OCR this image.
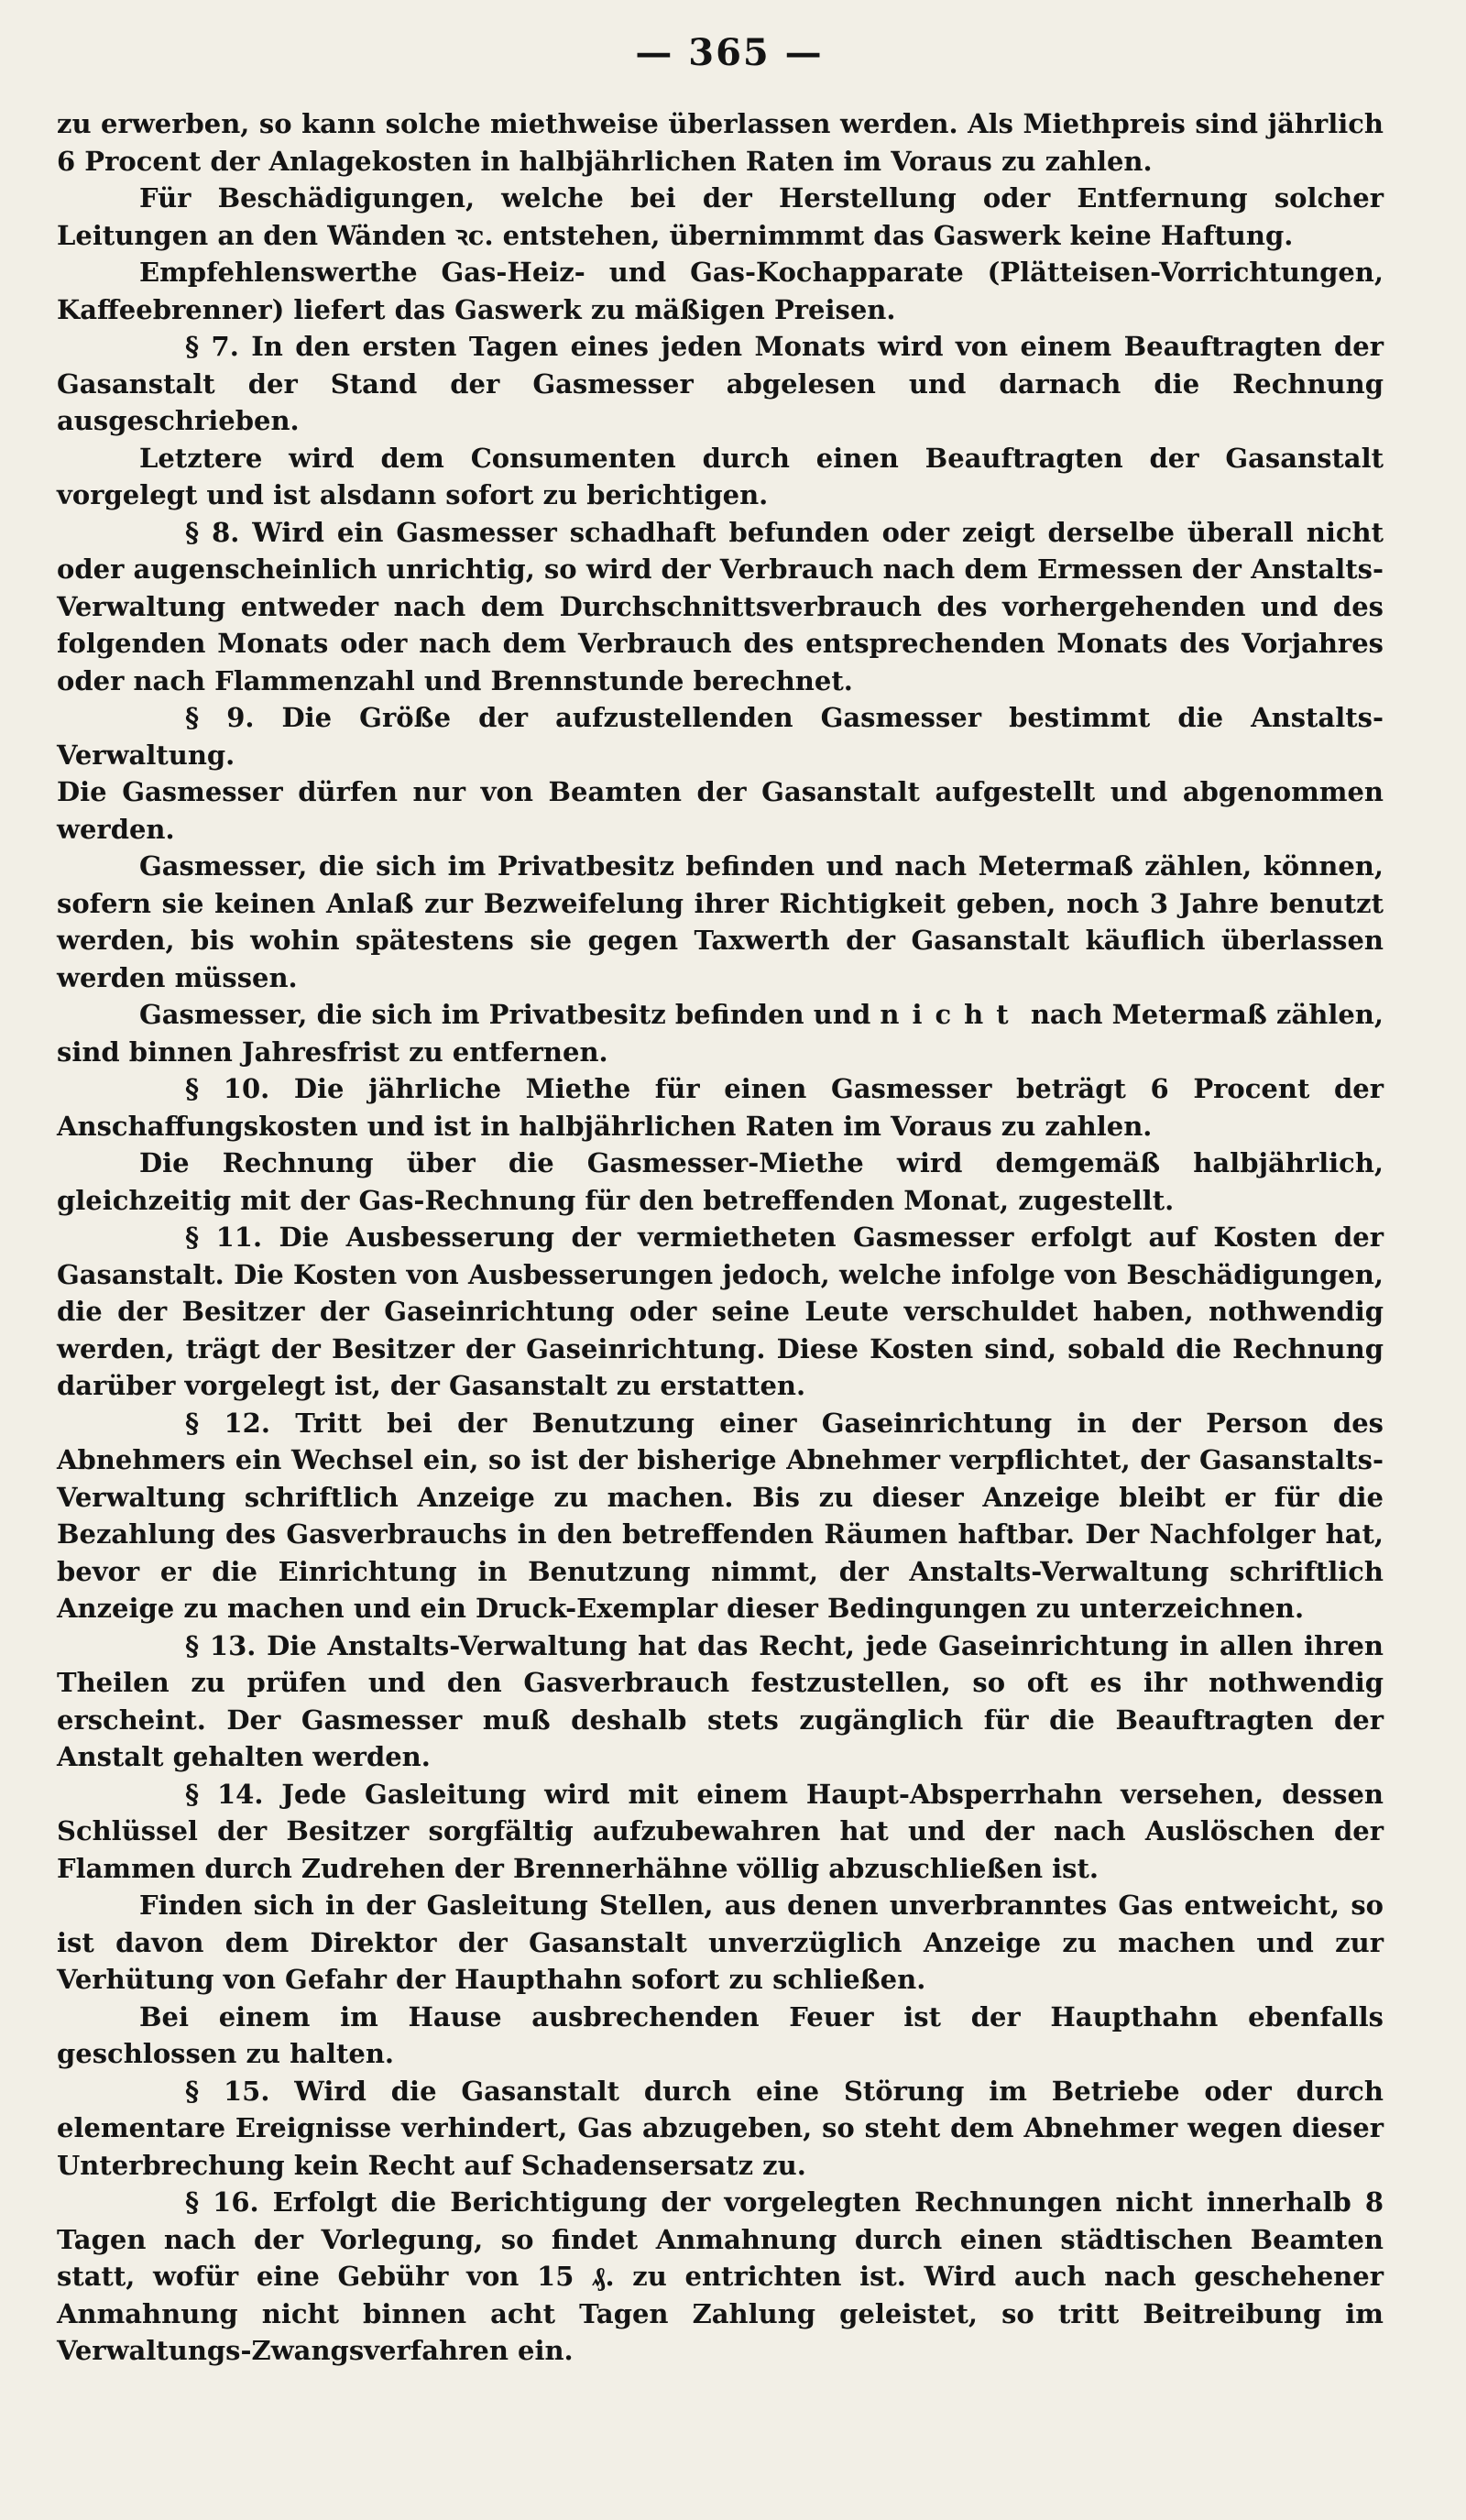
— 365 —

zu erwerben, so kann solche miethweise überlassen werden. Als Miethpreis sind jährlich 6 Procent der Anlagekosten in halbjährlichen Raten im Voraus zu zahlen.

Für Beschädigungen, welche bei der Herstellung oder Entfernung solcher Leitungen an den Wänden ꝛc. entstehen, übernimmmt das Gaswerk keine Haftung.

Empfehlenswerthe Gas-Heiz- und Gas-Kochapparate (Plätteisen-Vorrichtungen, Kaffeebrenner) liefert das Gaswerk zu mäßigen Preisen.

§ 7. In den ersten Tagen eines jeden Monats wird von einem Beauftragten der Gasanstalt der Stand der Gasmesser abgelesen und darnach die Rechnung ausgeschrieben.

Letztere wird dem Consumenten durch einen Beauftragten der Gasanstalt vorgelegt und ist alsdann sofort zu berichtigen.

§ 8. Wird ein Gasmesser schadhaft befunden oder zeigt derselbe überall nicht oder augenscheinlich unrichtig, so wird der Verbrauch nach dem Ermessen der Anstalts-Verwaltung entweder nach dem Durchschnittsverbrauch des vorhergehenden und des folgenden Monats oder nach dem Verbrauch des entsprechenden Monats des Vorjahres oder nach Flammenzahl und Brennstunde berechnet.

§ 9. Die Größe der aufzustellenden Gasmesser bestimmt die Anstalts-Verwaltung.

Die Gasmesser dürfen nur von Beamten der Gasanstalt aufgestellt und abgenommen werden.

Gasmesser, die sich im Privatbesitz befinden und nach Metermaß zählen, können, sofern sie keinen Anlaß zur Bezweifelung ihrer Richtigkeit geben, noch 3 Jahre benutzt werden, bis wohin spätestens sie gegen Taxwerth der Gasanstalt käuflich überlassen werden müssen.

Gasmesser, die sich im Privatbesitz befinden und nicht nach Metermaß zählen, sind binnen Jahresfrist zu entfernen.

§ 10. Die jährliche Miethe für einen Gasmesser beträgt 6 Procent der Anschaffungskosten und ist in halbjährlichen Raten im Voraus zu zahlen.

Die Rechnung über die Gasmesser-Miethe wird demgemäß halbjährlich, gleichzeitig mit der Gas-Rechnung für den betreffenden Monat, zugestellt.

§ 11. Die Ausbesserung der vermietheten Gasmesser erfolgt auf Kosten der Gasanstalt. Die Kosten von Ausbesserungen jedoch, welche infolge von Beschädigungen, die der Besitzer der Gaseinrichtung oder seine Leute verschuldet haben, nothwendig werden, trägt der Besitzer der Gaseinrichtung. Diese Kosten sind, sobald die Rechnung darüber vorgelegt ist, der Gasanstalt zu erstatten.

§ 12. Tritt bei der Benutzung einer Gaseinrichtung in der Person des Abnehmers ein Wechsel ein, so ist der bisherige Abnehmer verpflichtet, der Gasanstalts-Verwaltung schriftlich Anzeige zu machen. Bis zu dieser Anzeige bleibt er für die Bezahlung des Gasverbrauchs in den betreffenden Räumen haftbar. Der Nachfolger hat, bevor er die Einrichtung in Benutzung nimmt, der Anstalts-Verwaltung schriftlich Anzeige zu machen und ein Druck-Exemplar dieser Bedingungen zu unterzeichnen.

§ 13. Die Anstalts-Verwaltung hat das Recht, jede Gaseinrichtung in allen ihren Theilen zu prüfen und den Gasverbrauch festzustellen, so oft es ihr nothwendig erscheint. Der Gasmesser muß deshalb stets zugänglich für die Beauftragten der Anstalt gehalten werden.

§ 14. Jede Gasleitung wird mit einem Haupt-Absperrhahn versehen, dessen Schlüssel der Besitzer sorgfältig aufzubewahren hat und der nach Auslöschen der Flammen durch Zudrehen der Brennerhähne völlig abzuschließen ist.

Finden sich in der Gasleitung Stellen, aus denen unverbranntes Gas entweicht, so ist davon dem Direktor der Gasanstalt unverzüglich Anzeige zu machen und zur Verhütung von Gefahr der Haupthahn sofort zu schließen.

Bei einem im Hause ausbrechenden Feuer ist der Haupthahn ebenfalls geschlossen zu halten.

§ 15. Wird die Gasanstalt durch eine Störung im Betriebe oder durch elementare Ereignisse verhindert, Gas abzugeben, so steht dem Abnehmer wegen dieser Unterbrechung kein Recht auf Schadensersatz zu.

§ 16. Erfolgt die Berichtigung der vorgelegten Rechnungen nicht innerhalb 8 Tagen nach der Vorlegung, so findet Anmahnung durch einen städtischen Beamten statt, wofür eine Gebühr von 15 ₰. zu entrichten ist. Wird auch nach geschehener Anmahnung nicht binnen acht Tagen Zahlung geleistet, so tritt Beitreibung im Verwaltungs-Zwangsverfahren ein.
